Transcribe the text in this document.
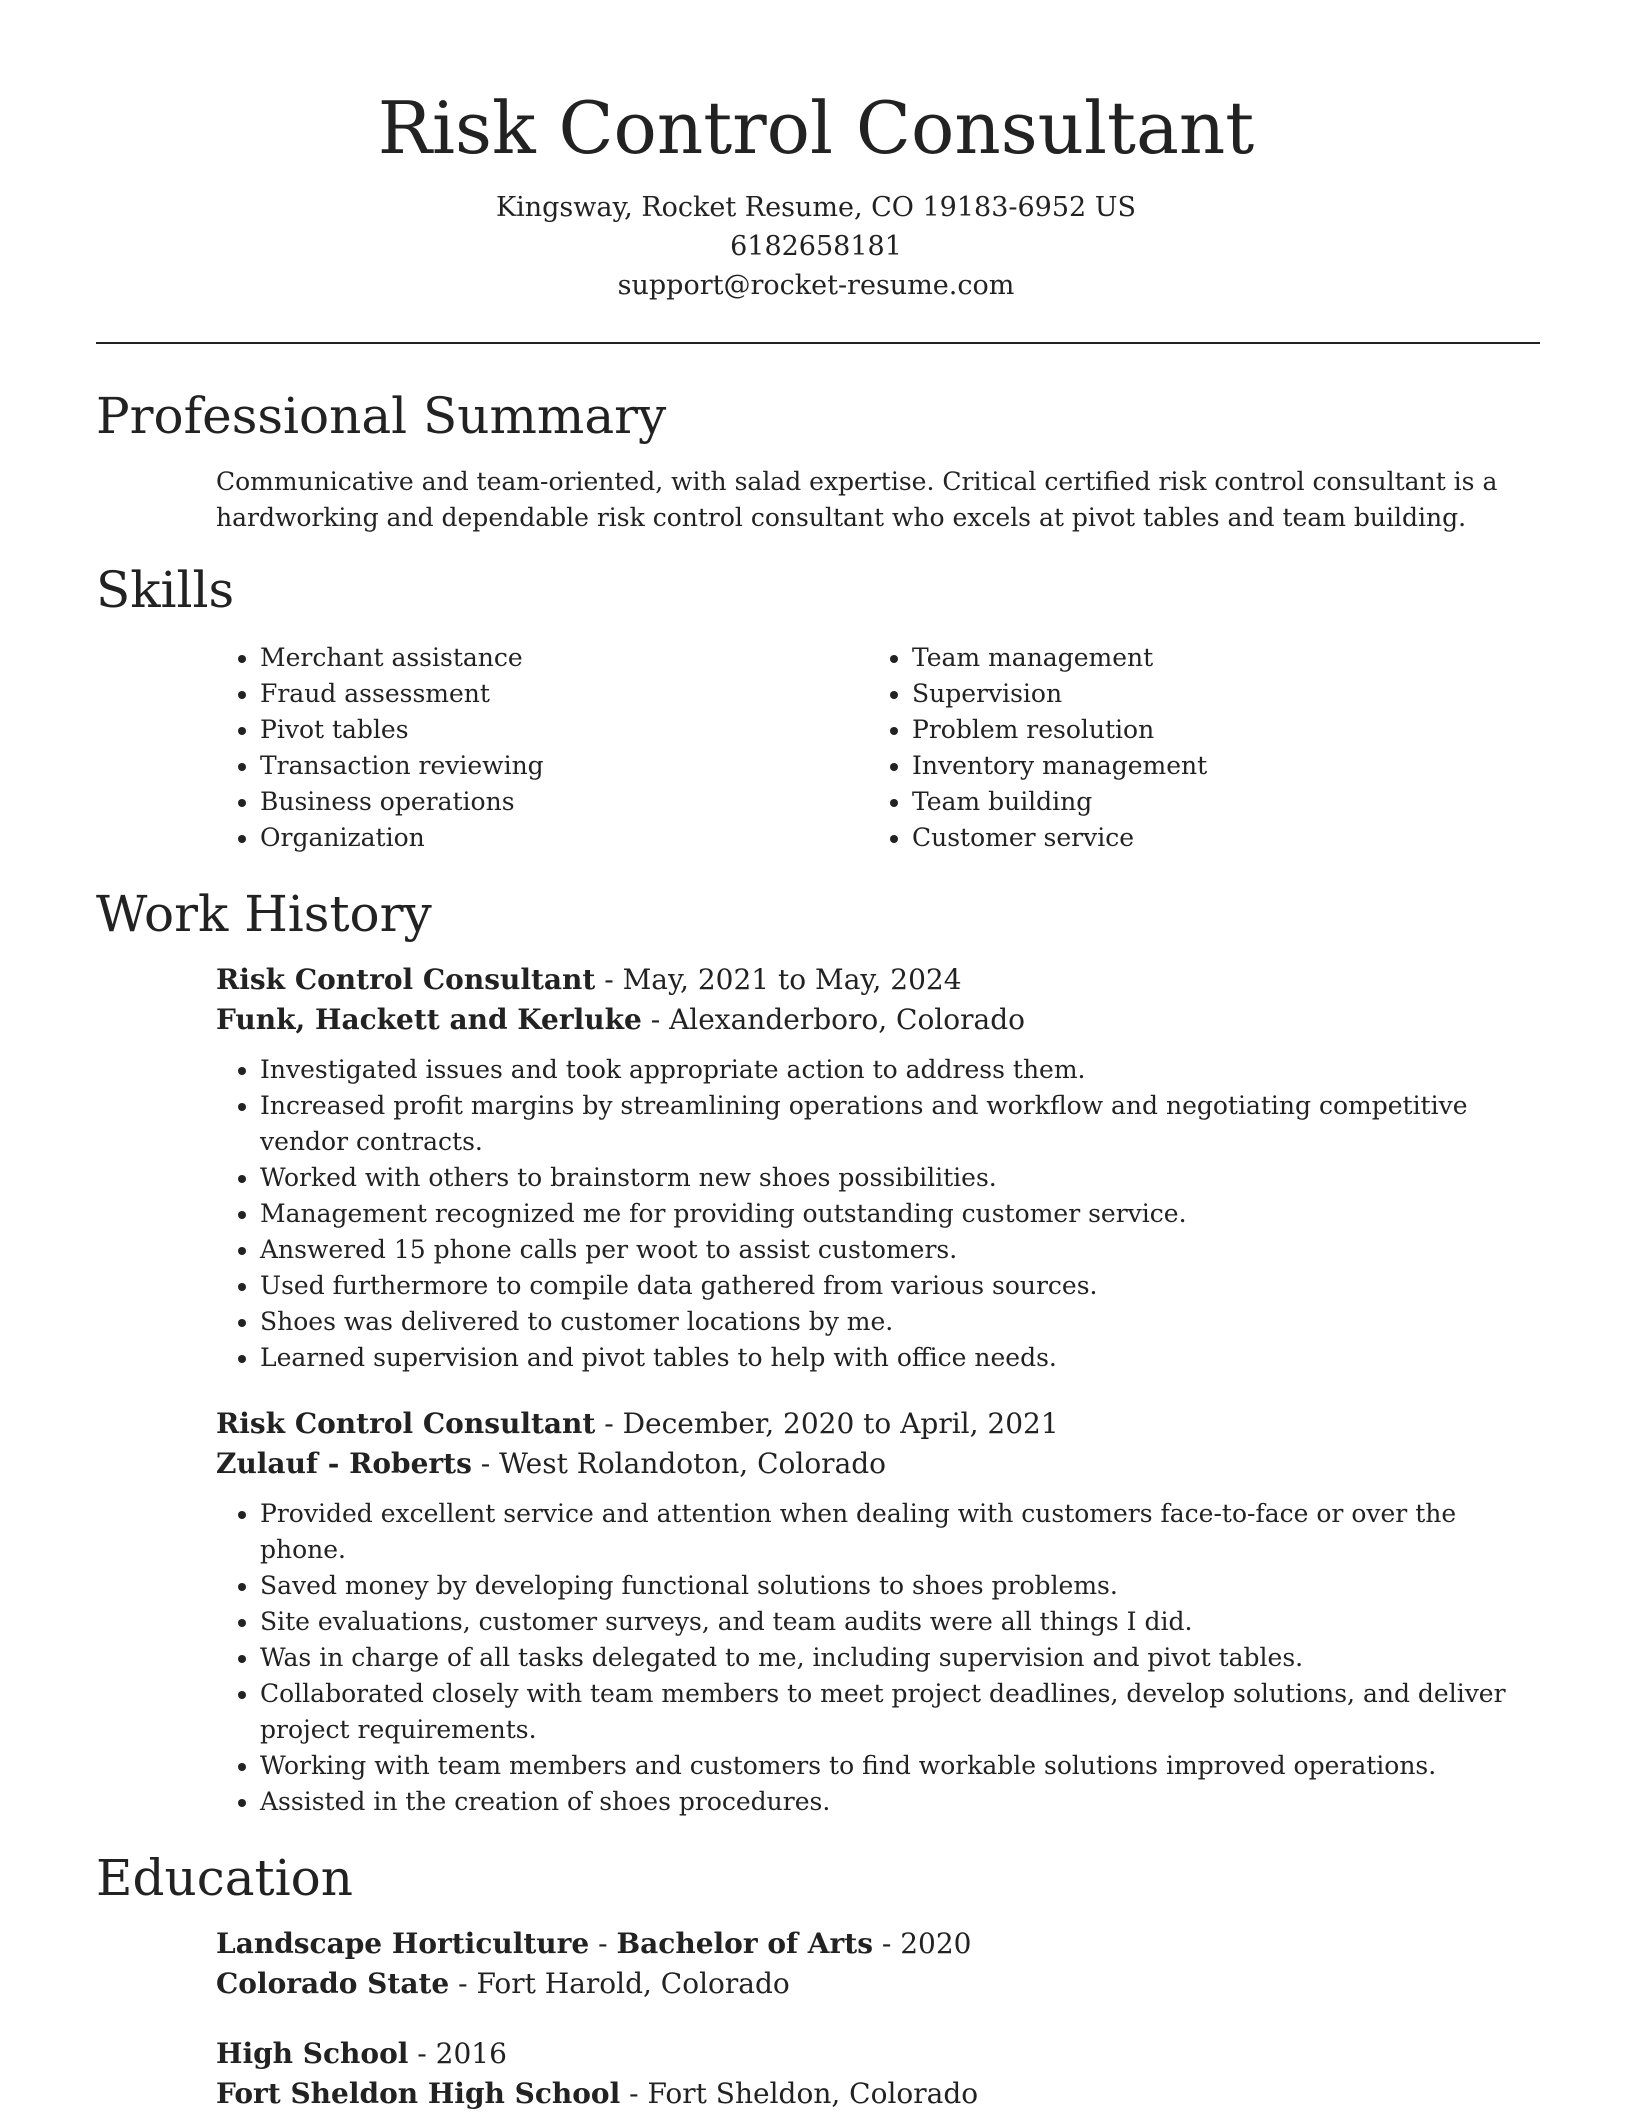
Risk Control Consultant
Kingsway, Rocket Resume, CO 19183-6952 US
6182658181
support@rocket-resume.com
Professional Summary

Communicative and team-oriented, with salad expertise. Critical certified risk control consultant is a hardworking and dependable risk control consultant who excels at pivot tables and team building.

Skills
• Merchant assistance
• Fraud assessment
• Pivot tables
• Transaction reviewing
• Business operations
• Organization
• Team management
• Supervision
• Problem resolution
• Inventory management
• Team building
• Customer service
Work History
Risk Control Consultant - May, 2021 to May, 2024
Funk, Hackett and Kerluke - Alexanderboro, Colorado
• Investigated issues and took appropriate action to address them.
• Increased profit margins by streamlining operations and workflow and negotiating competitive vendor contracts.
• Worked with others to brainstorm new shoes possibilities.
• Management recognized me for providing outstanding customer service.
• Answered 15 phone calls per woot to assist customers.
• Used furthermore to compile data gathered from various sources.
• Shoes was delivered to customer locations by me.
• Learned supervision and pivot tables to help with office needs.
Risk Control Consultant - December, 2020 to April, 2021
Zulauf - Roberts - West Rolandoton, Colorado
• Provided excellent service and attention when dealing with customers face-to-face or over the phone.
• Saved money by developing functional solutions to shoes problems.
• Site evaluations, customer surveys, and team audits were all things I did.
• Was in charge of all tasks delegated to me, including supervision and pivot tables.
• Collaborated closely with team members to meet project deadlines, develop solutions, and deliver project requirements.
• Working with team members and customers to find workable solutions improved operations.
• Assisted in the creation of shoes procedures.
Education
Landscape Horticulture - Bachelor of Arts - 2020
Colorado State - Fort Harold, Colorado
High School - 2016
Fort Sheldon High School - Fort Sheldon, Colorado
